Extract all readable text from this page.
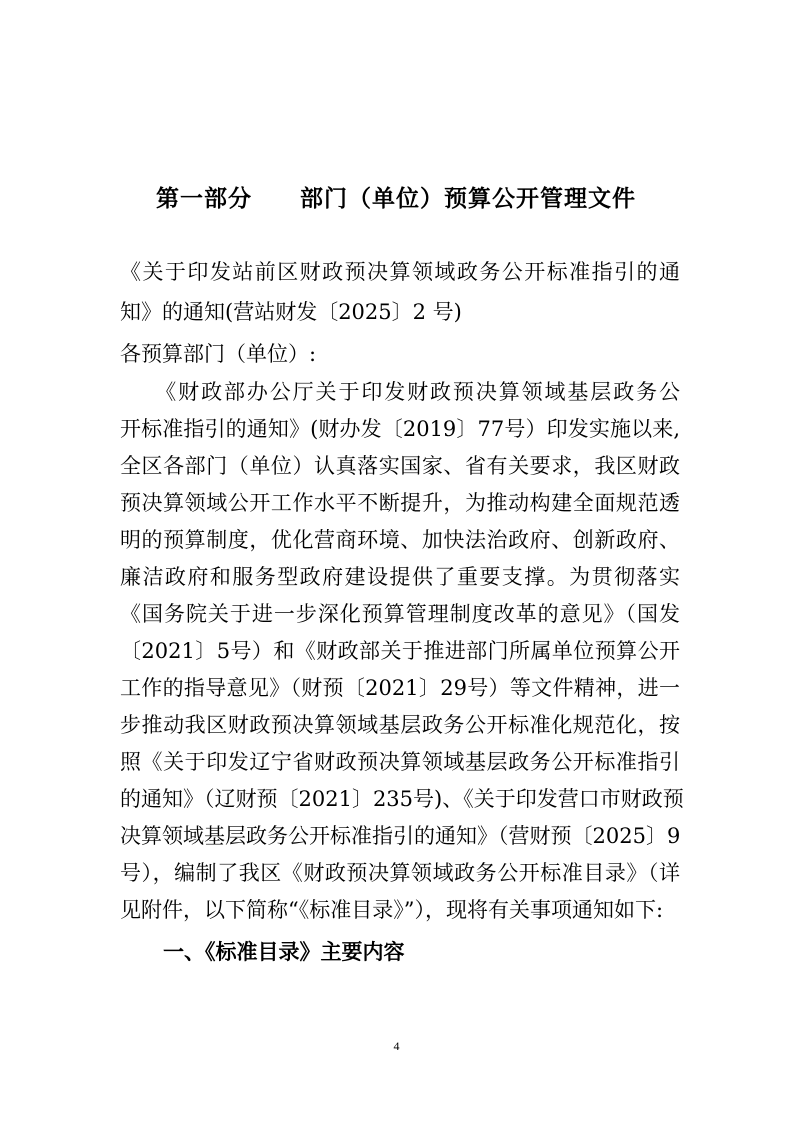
第一部分　　部门（单位）预算公开管理文件
《关于印发站前区财政预决算领域政务公开标准指引的通
知》的通知(营站财发〔2025〕2 号)
各预算部门（单位）:
　　《财政部办公厅关于印发财政预决算领域基层政务公
开标准指引的通知》(财办发〔2019〕77号）印发实施以来,
全区各部门（单位）认真落实国家、省有关要求，我区财政
预决算领域公开工作水平不断提升，为推动构建全面规范透
明的预算制度，优化营商环境、加快法治政府、创新政府、
廉洁政府和服务型政府建设提供了重要支撑。为贯彻落实
《国务院关于进一步深化预算管理制度改革的意见》（国发
〔2021〕5号）和《财政部关于推进部门所属单位预算公开
工作的指导意见》（财预〔2021〕29号）等文件精神，进一
步推动我区财政预决算领域基层政务公开标准化规范化，按
照《关于印发辽宁省财政预决算领域基层政务公开标准指引
的通知》（辽财预〔2021〕235号)、《关于印发营口市财政预
决算领域基层政务公开标准指引的通知》（营财预〔2025〕9
号），编制了我区《财政预决算领域政务公开标准目录》（详
一、《标准目录》主要内容
4
见附件，以下简称“《标准目录》”），现将有关事项通知如下:
